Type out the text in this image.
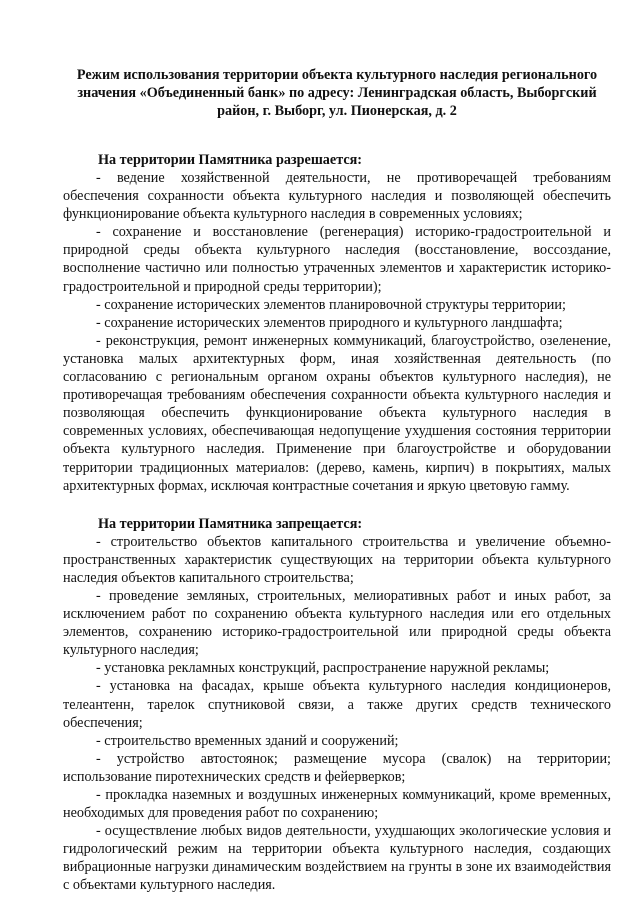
Режим использования территории объекта культурного наследия регионального значения «Объединенный банк» по адресу: Ленинградская область, Выборгский район, г. Выборг, ул. Пионерская, д. 2

На территории Памятника разрешается:

- ведение хозяйственной деятельности, не противоречащей требованиям обеспечения сохранности объекта культурного наследия и позволяющей обеспечить функционирование объекта культурного наследия в современных условиях;

- сохранение и восстановление (регенерация) историко-градостроительной и природной среды объекта культурного наследия (восстановление, воссоздание, восполнение частично или полностью утраченных элементов и характеристик историко-градостроительной и природной среды территории);

- сохранение исторических элементов планировочной структуры территории;

- сохранение исторических элементов природного и культурного ландшафта;

- реконструкция, ремонт инженерных коммуникаций, благоустройство, озеленение, установка малых архитектурных форм, иная хозяйственная деятельность (по согласованию с региональным органом охраны объектов культурного наследия), не противоречащая требованиям обеспечения сохранности объекта культурного наследия и позволяющая обеспечить функционирование объекта культурного наследия в современных условиях, обеспечивающая недопущение ухудшения состояния территории объекта культурного наследия. Применение при благоустройстве и оборудовании территории традиционных материалов: (дерево, камень, кирпич) в покрытиях, малых архитектурных формах, исключая контрастные сочетания и яркую цветовую гамму.

На территории Памятника запрещается:

- строительство объектов капитального строительства и увеличение объемно-пространственных характеристик существующих на территории объекта культурного наследия объектов капитального строительства;

- проведение земляных, строительных, мелиоративных работ и иных работ, за исключением работ по сохранению объекта культурного наследия или его отдельных элементов, сохранению историко-градостроительной или природной среды объекта культурного наследия;

- установка рекламных конструкций, распространение наружной рекламы;

- установка на фасадах, крыше объекта культурного наследия кондиционеров, телеантенн, тарелок спутниковой связи, а также других средств технического обеспечения;

- строительство временных зданий и сооружений;

- устройство автостоянок; размещение мусора (свалок) на территории; использование пиротехнических средств и фейерверков;

- прокладка наземных и воздушных инженерных коммуникаций, кроме временных, необходимых для проведения работ по сохранению;

- осуществление любых видов деятельности, ухудшающих экологические условия и гидрологический режим на территории объекта культурного наследия, создающих вибрационные нагрузки динамическим воздействием на грунты в зоне их взаимодействия с объектами культурного наследия.
